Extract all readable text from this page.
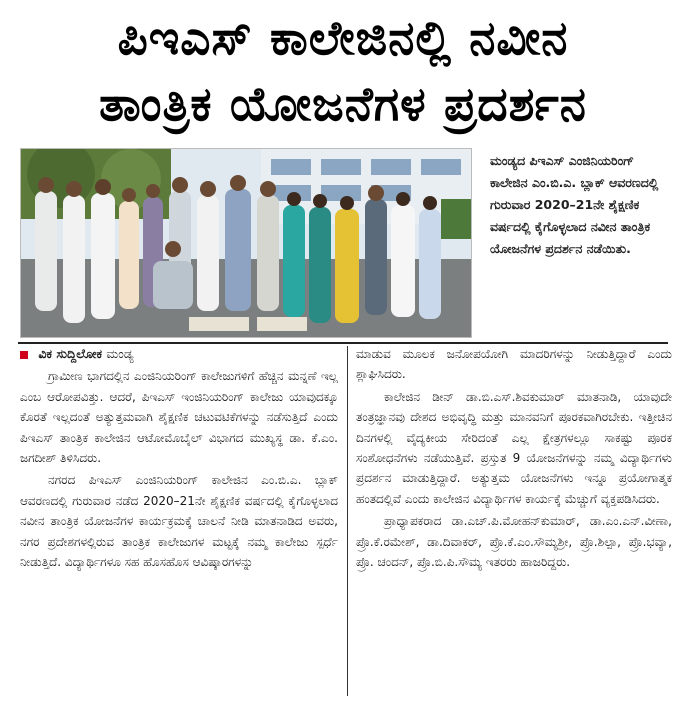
ಪಿಇಎಸ್ ಕಾಲೇಜಿನಲ್ಲಿ ನವೀನ
ತಾಂತ್ರಿಕ ಯೋಜನೆಗಳ ಪ್ರದರ್ಶನ
ಮಂಡ್ಯದ ಪಿಇಎಸ್ ಎಂಜಿನಿಯರಿಂಗ್ ಕಾಲೇಜಿನ ಎಂ.ಬಿ.ಎ. ಬ್ಲಾಕ್ ಆವರಣದಲ್ಲಿ ಗುರುವಾರ 2020–21ನೇ ಶೈಕ್ಷಣಿಕ ವರ್ಷದಲ್ಲಿ ಕೈಗೊಳ್ಳಲಾದ ನವೀನ ತಾಂತ್ರಿಕ ಯೋಜನೆಗಳ ಪ್ರದರ್ಶನ ನಡೆಯಿತು.

ವಿಕ ಸುದ್ದಿಲೋಕ ಮಂಡ್ಯ

ಗ್ರಾಮೀಣ ಭಾಗದಲ್ಲಿನ ಎಂಜಿನಿಯರಿಂಗ್ ಕಾಲೇಜುಗಳಿಗೆ ಹೆಚ್ಚಿನ ಮನ್ನಣೆ ಇಲ್ಲ ಎಂಬ ಆರೋಪವಿತ್ತು. ಆದರೆ, ಪಿಇಎಸ್ ಇಂಜಿನಿಯರಿಂಗ್ ಕಾಲೇಜು ಯಾವುದಕ್ಕೂ ಕೊರತೆ ಇಲ್ಲದಂತೆ ಅತ್ಯುತ್ತಮವಾಗಿ ಶೈಕ್ಷಣಿಕ ಚಟುವಟಿಕೆಗಳನ್ನು ನಡೆಸುತ್ತಿದೆ ಎಂದು ಪಿಇಎಸ್ ತಾಂತ್ರಿಕ ಕಾಲೇಜಿನ ಆಟೋಮೊಬೈಲ್ ವಿಭಾಗದ ಮುಖ್ಯಸ್ಥ ಡಾ. ಕೆ.ಎಂ. ಜಗದೀಶ್ ತಿಳಿಸಿದರು.

ನಗರದ ಪಿಇಎಸ್ ಎಂಜಿನಿಯರಿಂಗ್ ಕಾಲೇಜಿನ ಎಂ.ಬಿ.ಎ. ಬ್ಲಾಕ್ ಆವರಣದಲ್ಲಿ ಗುರುವಾರ ನಡೆದ 2020–21ನೇ ಶೈಕ್ಷಣಿಕ ವರ್ಷದಲ್ಲಿ ಕೈಗೊಳ್ಳಲಾದ ನವೀನ ತಾಂತ್ರಿಕ ಯೋಜನೆಗಳ ಕಾರ್ಯಕ್ರಮಕ್ಕೆ ಚಾಲನೆ ನೀಡಿ ಮಾತನಾಡಿದ ಅವರು, ನಗರ ಪ್ರದೇಶಗಳಲ್ಲಿರುವ ತಾಂತ್ರಿಕ ಕಾಲೇಜುಗಳ ಮಟ್ಟಕ್ಕೆ ನಮ್ಮ ಕಾಲೇಜು ಸ್ಪರ್ಧೆ ನೀಡುತ್ತಿದೆ. ವಿದ್ಯಾರ್ಥಿಗಳೂ ಸಹ ಹೊಸಹೊಸ ಆವಿಷ್ಕಾರಗಳನ್ನು

ಮಾಡುವ ಮೂಲಕ ಜನೋಪಯೋಗಿ ಮಾದರಿಗಳನ್ನು ನೀಡುತ್ತಿದ್ದಾರೆ ಎಂದು ಶ್ಲಾಘಿಸಿದರು.

ಕಾಲೇಜಿನ ಡೀನ್ ಡಾ.ಬಿ.ಎಸ್.ಶಿವಕುಮಾರ್ ಮಾತನಾಡಿ, ಯಾವುದೇ ತಂತ್ರಜ್ಞಾನವು ದೇಶದ ಅಭಿವೃದ್ಧಿ ಮತ್ತು ಮಾನವನಿಗೆ ಪೂರಕವಾಗಿರಬೇಕು. ಇತ್ತೀಚಿನ ದಿನಗಳಲ್ಲಿ ವೈದ್ಯಕೀಯ ಸೇರಿದಂತೆ ಎಲ್ಲ ಕ್ಷೇತ್ರಗಳಲ್ಲೂ ಸಾಕಷ್ಟು ಪೂರಕ ಸಂಶೋಧನೆಗಳು ನಡೆಯುತ್ತಿವೆ. ಪ್ರಸ್ತುತ 9 ಯೋಜನೆಗಳನ್ನು ನಮ್ಮ ವಿದ್ಯಾರ್ಥಿಗಳು ಪ್ರದರ್ಶನ ಮಾಡುತ್ತಿದ್ದಾರೆ. ಅತ್ಯುತ್ತಮ ಯೋಜನೆಗಳು ಇನ್ನೂ ಪ್ರಯೋಗಾತ್ಮಕ ಹಂತದಲ್ಲಿವೆ ಎಂದು ಕಾಲೇಜಿನ ವಿದ್ಯಾರ್ಥಿಗಳ ಕಾರ್ಯಕ್ಕೆ ಮೆಚ್ಚುಗೆ ವ್ಯಕ್ತಪಡಿಸಿದರು.

ಪ್ರಾಧ್ಯಾಪಕರಾದ ಡಾ.ಎಚ್.ಪಿ.ಮೋಹನ್‌ಕುಮಾರ್, ಡಾ.ಎಂ.ಎನ್.ವೀಣಾ, ಪ್ರೊ.ಕೆ.ರಮೇಶ್, ಡಾ.ದಿವಾಕರ್, ಪ್ರೊ.ಕೆ.ಎಂ.ಸೌಮ್ಯಶ್ರೀ, ಪ್ರೊ.ಶಿಲ್ಪಾ, ಪ್ರೊ.ಭವ್ಯಾ, ಪ್ರೊ. ಚಂದನ್, ಪ್ರೊ.ಬಿ.ಪಿ.ಸೌಮ್ಯ ಇತರರು ಹಾಜರಿದ್ದರು.
